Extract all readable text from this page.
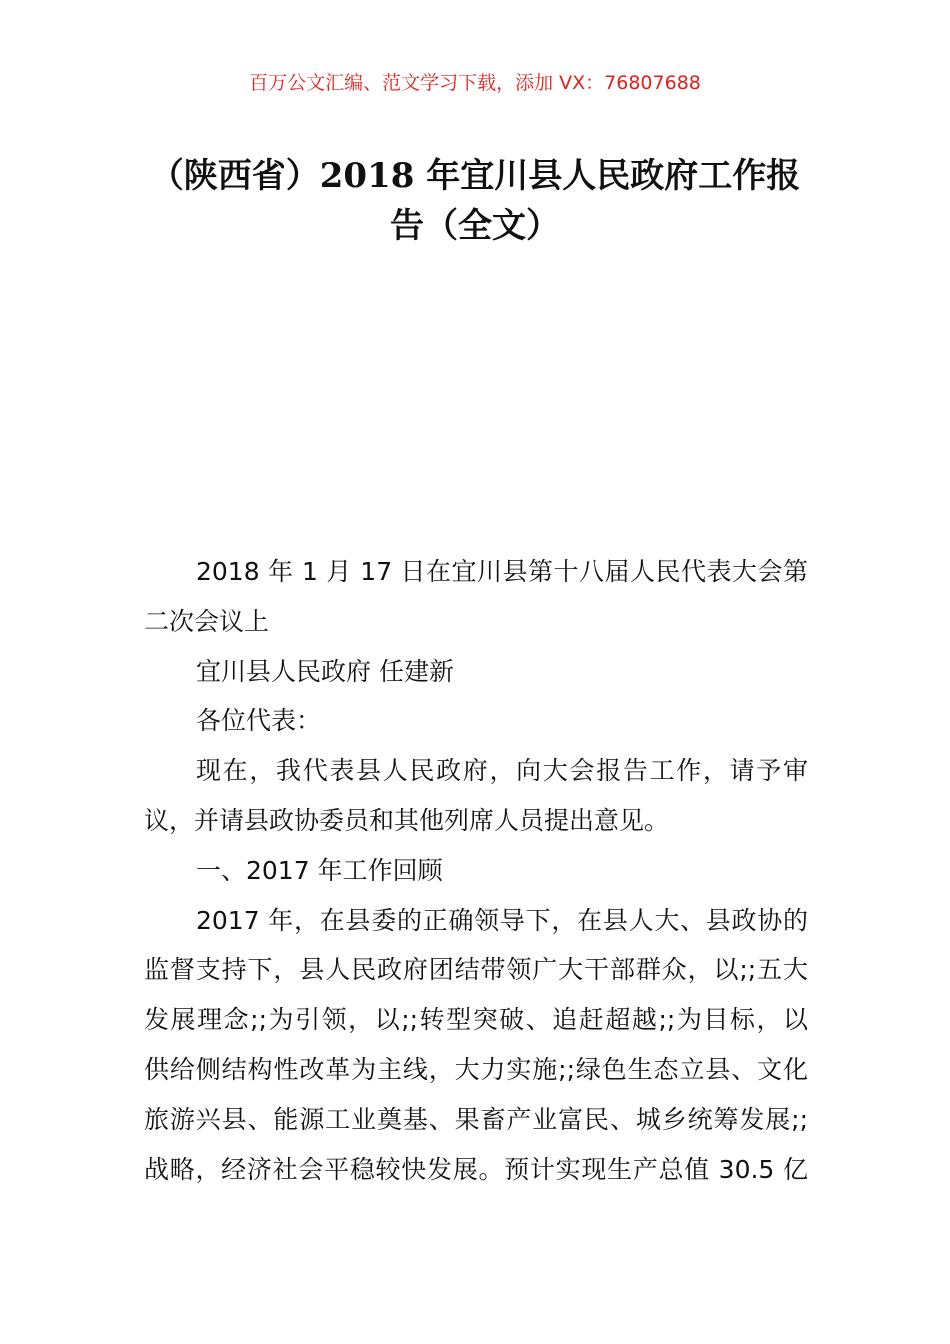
百万公文汇编、范文学习下载，添加 VX：76807688
（陕西省）2018 年宜川县人民政府工作报
告（全文）
2018 年 1 月 17 日在宜川县第十八届人民代表大会第
二次会议上
宜川县人民政府 任建新
各位代表：
现在，我代表县人民政府，向大会报告工作，请予审
议，并请县政协委员和其他列席人员提出意见。
一、2017 年工作回顾
2017 年，在县委的正确领导下，在县人大、县政协的
监督支持下，县人民政府团结带领广大干部群众，以;;五大
发展理念;;为引领，以;;转型突破、追赶超越;;为目标，以
供给侧结构性改革为主线，大力实施;;绿色生态立县、文化
旅游兴县、能源工业奠基、果畜产业富民、城乡统筹发展;;
战略，经济社会平稳较快发展。预计实现生产总值 30.5 亿
